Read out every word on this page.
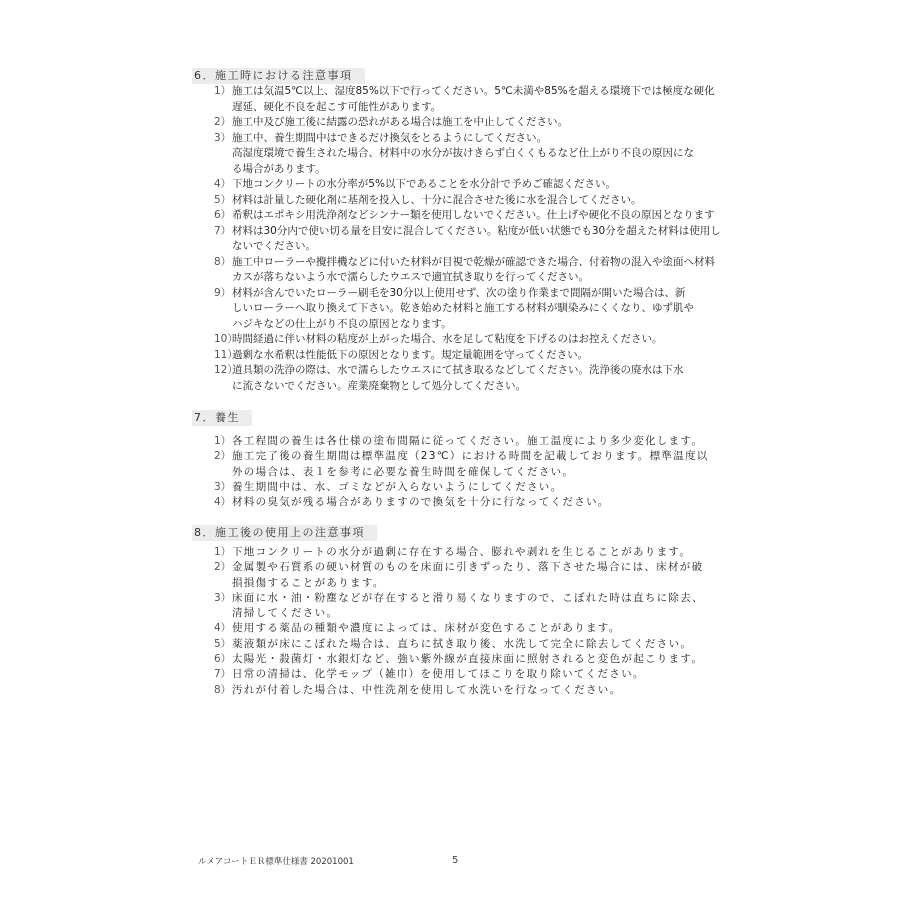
6．施工時における注意事項
1） 施工は気温5℃以上、湿度85%以下で行ってください。5℃未満や85%を超える環境下では極度な硬化
遅延、硬化不良を起こす可能性があります。
2） 施工中及び施工後に結露の恐れがある場合は施工を中止してください。
3） 施工中、養生期間中はできるだけ換気をとるようにしてください。
高湿度環境で養生された場合、材料中の水分が抜けきらず白くくもるなど仕上がり不良の原因にな
る場合があります。
4） 下地コンクリートの水分率が5%以下であることを水分計で予めご確認ください。
5） 材料は計量した硬化剤に基剤を投入し、十分に混合させた後に水を混合してください。
6） 希釈はエポキシ用洗浄剤などシンナー類を使用しないでください。仕上げや硬化不良の原因となります
7） 材料は30分内で使い切る量を目安に混合してください。粘度が低い状態でも30分を超えた材料は使用し
ないでください。
8） 施工中ローラーや攪拌機などに付いた材料が目視で乾燥が確認できた場合、付着物の混入や塗面へ材料
カスが落ちないよう水で濡らしたウエスで適宜拭き取りを行ってください。
9） 材料が含んでいたローラー刷毛を30分以上使用せず、次の塗り作業まで間隔が開いた場合は、新
しいローラーへ取り換えて下さい。乾き始めた材料と施工する材料が馴染みにくくなり、ゆず肌や
ハジキなどの仕上がり不良の原因となります。
10）
時間経過に伴い材料の粘度が上がった場合、水を足して粘度を下げるのはお控えください。
11）
過剰な水希釈は性能低下の原因となります。規定量範囲を守ってください。
12）
道具類の洗浄の際は、水で濡らしたウエスにて拭き取るなどしてください。洗浄後の廃水は下水
に流さないでください。産業廃棄物として処分してください。
7．養生
1） 各工程間の養生は各仕様の塗布間隔に従ってください。施工温度により多少変化します。
2） 施工完了後の養生期間は標準温度（23℃）における時間を記載しております。標準温度以
外の場合は、表１を参考に必要な養生時間を確保してください。
3） 養生期間中は、水、ゴミなどが入らないようにしてください。
4） 材料の臭気が残る場合がありますので換気を十分に行なってください。
8．施工後の使用上の注意事項
1） 下地コンクリートの水分が過剰に存在する場合、膨れや剥れを生じることがあります。
2） 金属製や石質系の硬い材質のものを床面に引きずったり、落下させた場合には、床材が破
損損傷することがあります。
3） 床面に水・油・粉塵などが存在すると滑り易くなりますので、こぼれた時は直ちに除去、
清掃してください。
4） 使用する薬品の種類や濃度によっては、床材が変色することがあります。
5） 薬液類が床にこぼれた場合は、直ちに拭き取り後、水洗して完全に除去してください。
6） 太陽光・殺菌灯・水銀灯など、強い紫外線が直接床面に照射されると変色が起こります。
7） 日常の清掃は、化学モップ（雑巾）を使用してほこりを取り除いてください。
8） 汚れが付着した場合は、中性洗剤を使用して水洗いを行なってください。
ルメアコートＥＲ標準仕様書 20201001	5
